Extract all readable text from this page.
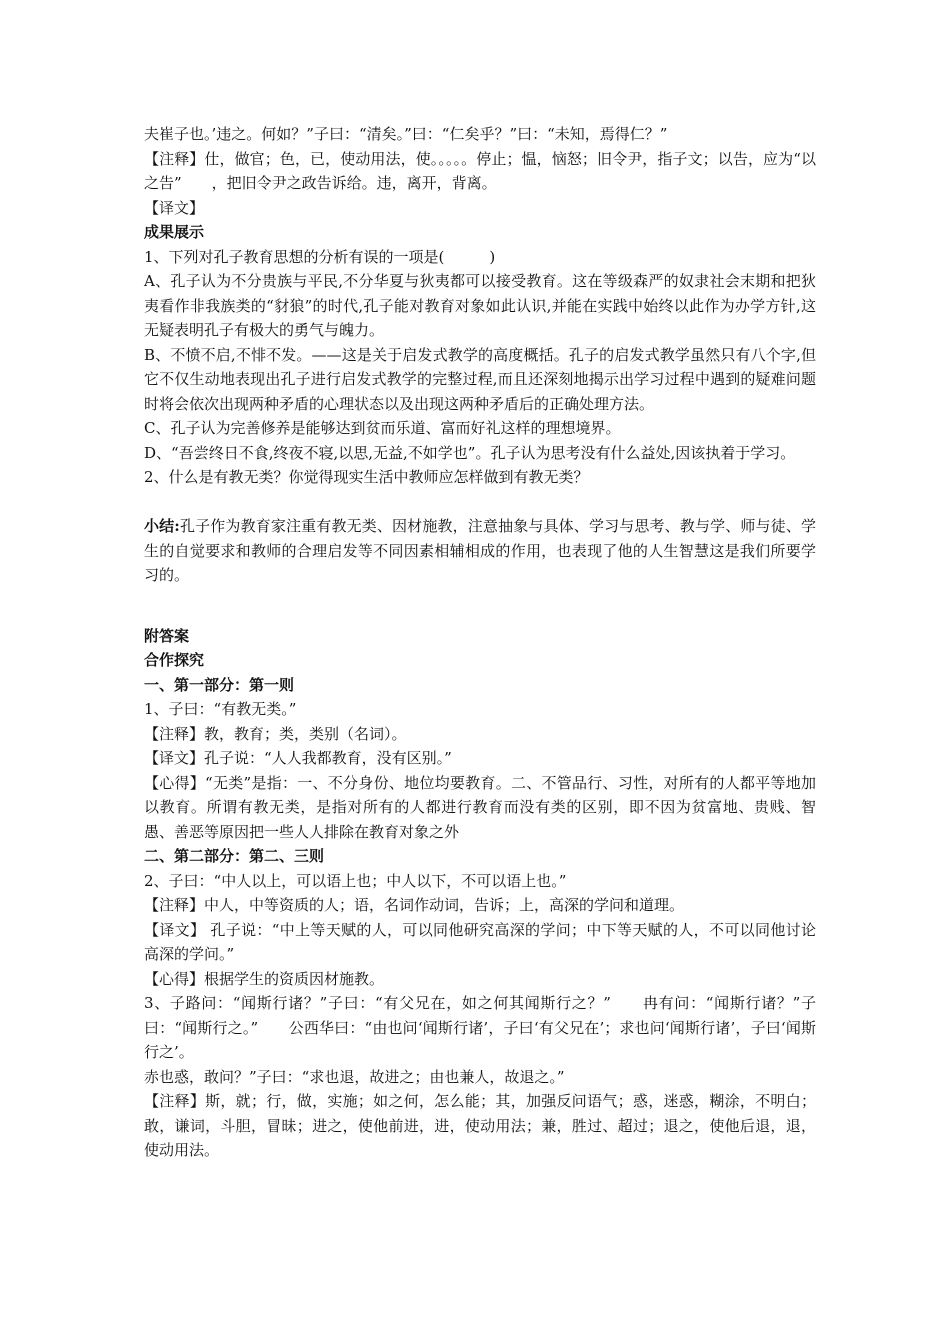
夫崔子也。’违之。何如？”子曰：“清矣。”曰：“仁矣乎？”曰：“未知，焉得仁？”

【注释】仕，做官；色，已，使动用法，使。。。。。停止；愠，恼怒；旧令尹，指子文；以告，应为“以之告”　　，把旧令尹之政告诉给。违，离开，背离。

【译文】

成果展示

1、下列对孔子教育思想的分析有误的一项是(　　　)

A、孔子认为不分贵族与平民,不分华夏与狄夷都可以接受教育。这在等级森严的奴隶社会末期和把狄夷看作非我族类的“豺狼”的时代,孔子能对教育对象如此认识,并能在实践中始终以此作为办学方针,这无疑表明孔子有极大的勇气与魄力。

B、不愤不启,不悱不发。——这是关于启发式教学的高度概括。孔子的启发式教学虽然只有八个字,但它不仅生动地表现出孔子进行启发式教学的完整过程,而且还深刻地揭示出学习过程中遇到的疑难问题时将会依次出现两种矛盾的心理状态以及出现这两种矛盾后的正确处理方法。

C、孔子认为完善修养是能够达到贫而乐道、富而好礼这样的理想境界。

D、“吾尝终日不食,终夜不寝,以思,无益,不如学也”。孔子认为思考没有什么益处,因该执着于学习。

2、什么是有教无类？你觉得现实生活中教师应怎样做到有教无类？

小结:孔子作为教育家注重有教无类、因材施教，注意抽象与具体、学习与思考、教与学、师与徒、学生的自觉要求和教师的合理启发等不同因素相辅相成的作用，也表现了他的人生智慧这是我们所要学习的。

附答案

合作探究

一、第一部分：第一则

1、子曰：“有教无类。”

【注释】教，教育；类，类别（名词）。

【译文】孔子说：“人人我都教育，没有区别。”

【心得】“无类”是指：一、不分身份、地位均要教育。二、不管品行、习性，对所有的人都平等地加以教育。所谓有教无类，是指对所有的人都进行教育而没有类的区别，即不因为贫富地、贵贱、智愚、善恶等原因把一些人人排除在教育对象之外

二、第二部分：第二、三则

2、子曰：“中人以上，可以语上也；中人以下，不可以语上也。”

【注释】中人，中等资质的人；语，名词作动词，告诉；上，高深的学问和道理。

【译文】 孔子说：“中上等天赋的人，可以同他研究高深的学问；中下等天赋的人，不可以同他讨论高深的学问。”

【心得】根据学生的资质因材施教。

3、子路问：“闻斯行诸？”子曰：“有父兄在，如之何其闻斯行之？”　　冉有问：“闻斯行诸？”子曰：“闻斯行之。”　　公西华曰：“由也问‘闻斯行诸’，子曰‘有父兄在’；求也问‘闻斯行诸’，子曰‘闻斯行之’。

赤也惑，敢问？”子曰：“求也退，故进之；由也兼人，故退之。”

【注释】斯，就；行，做，实施；如之何，怎么能；其，加强反问语气；惑，迷惑，糊涂，不明白；敢，谦词，斗胆，冒昧；进之，使他前进，进，使动用法；兼，胜过、超过；退之，使他后退，退，使动用法。
